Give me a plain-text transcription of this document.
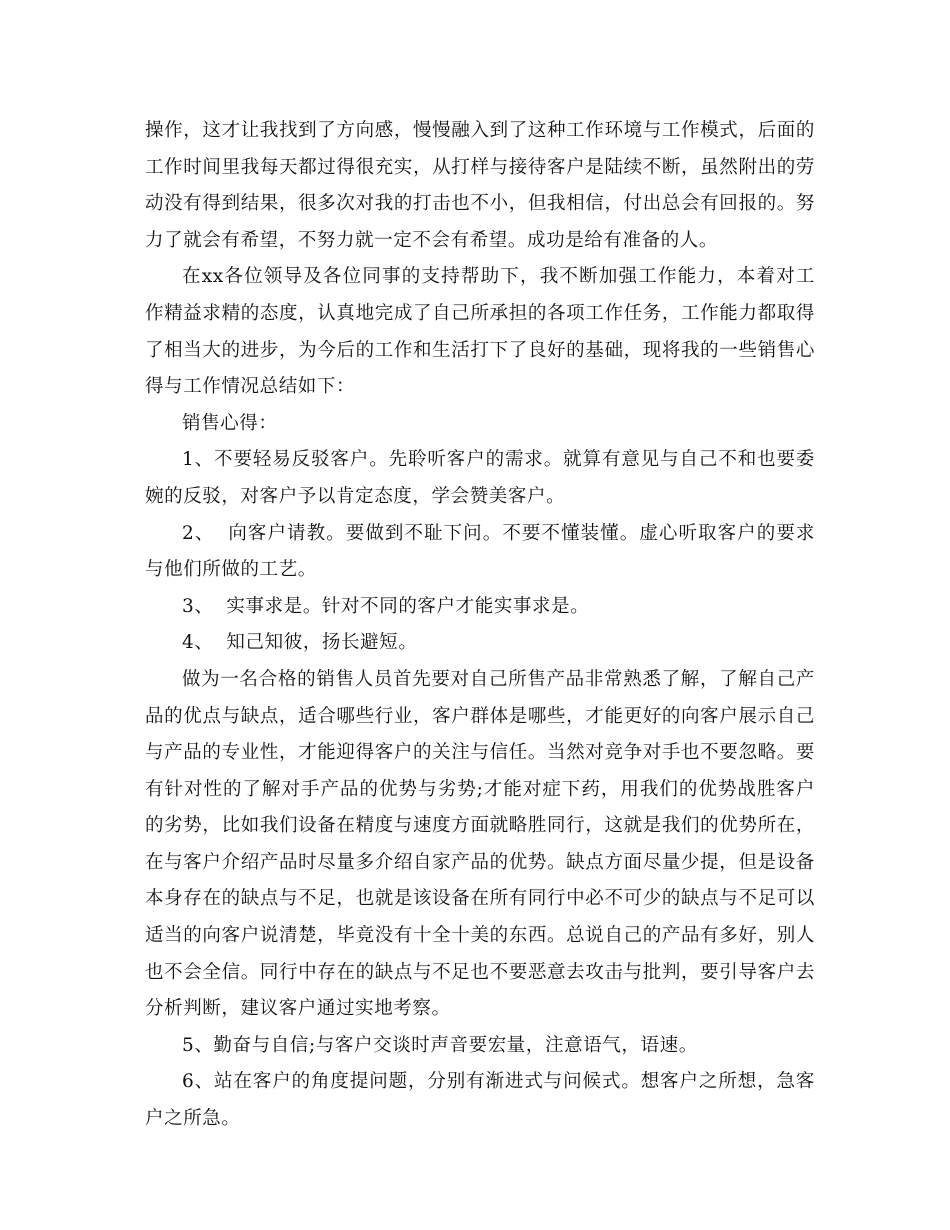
操作，这才让我找到了方向感，慢慢融入到了这种工作环境与工作模式，后面的工作时间里我每天都过得很充实，从打样与接待客户是陆续不断，虽然附出的劳动没有得到结果，很多次对我的打击也不小，但我相信，付出总会有回报的。努力了就会有希望，不努力就一定不会有希望。成功是给有准备的人。

在xx各位领导及各位同事的支持帮助下，我不断加强工作能力，本着对工作精益求精的态度，认真地完成了自己所承担的各项工作任务，工作能力都取得了相当大的进步，为今后的工作和生活打下了良好的基础，现将我的一些销售心得与工作情况总结如下：

销售心得：

1、不要轻易反驳客户。先聆听客户的需求。就算有意见与自己不和也要委婉的反驳，对客户予以肯定态度，学会赞美客户。

2、  向客户请教。要做到不耻下问。不要不懂装懂。虚心听取客户的要求与他们所做的工艺。

3、  实事求是。针对不同的客户才能实事求是。

4、  知己知彼，扬长避短。

做为一名合格的销售人员首先要对自己所售产品非常熟悉了解，了解自己产品的优点与缺点，适合哪些行业，客户群体是哪些，才能更好的向客户展示自己与产品的专业性，才能迎得客户的关注与信任。当然对竞争对手也不要忽略。要有针对性的了解对手产品的优势与劣势;才能对症下药，用我们的优势战胜客户的劣势，比如我们设备在精度与速度方面就略胜同行，这就是我们的优势所在，在与客户介绍产品时尽量多介绍自家产品的优势。缺点方面尽量少提，但是设备本身存在的缺点与不足，也就是该设备在所有同行中必不可少的缺点与不足可以适当的向客户说清楚，毕竟没有十全十美的东西。总说自己的产品有多好，别人也不会全信。同行中存在的缺点与不足也不要恶意去攻击与批判，要引导客户去分析判断，建议客户通过实地考察。

5、勤奋与自信;与客户交谈时声音要宏量，注意语气，语速。

6、站在客户的角度提问题，分别有渐进式与问候式。想客户之所想，急客户之所急。
